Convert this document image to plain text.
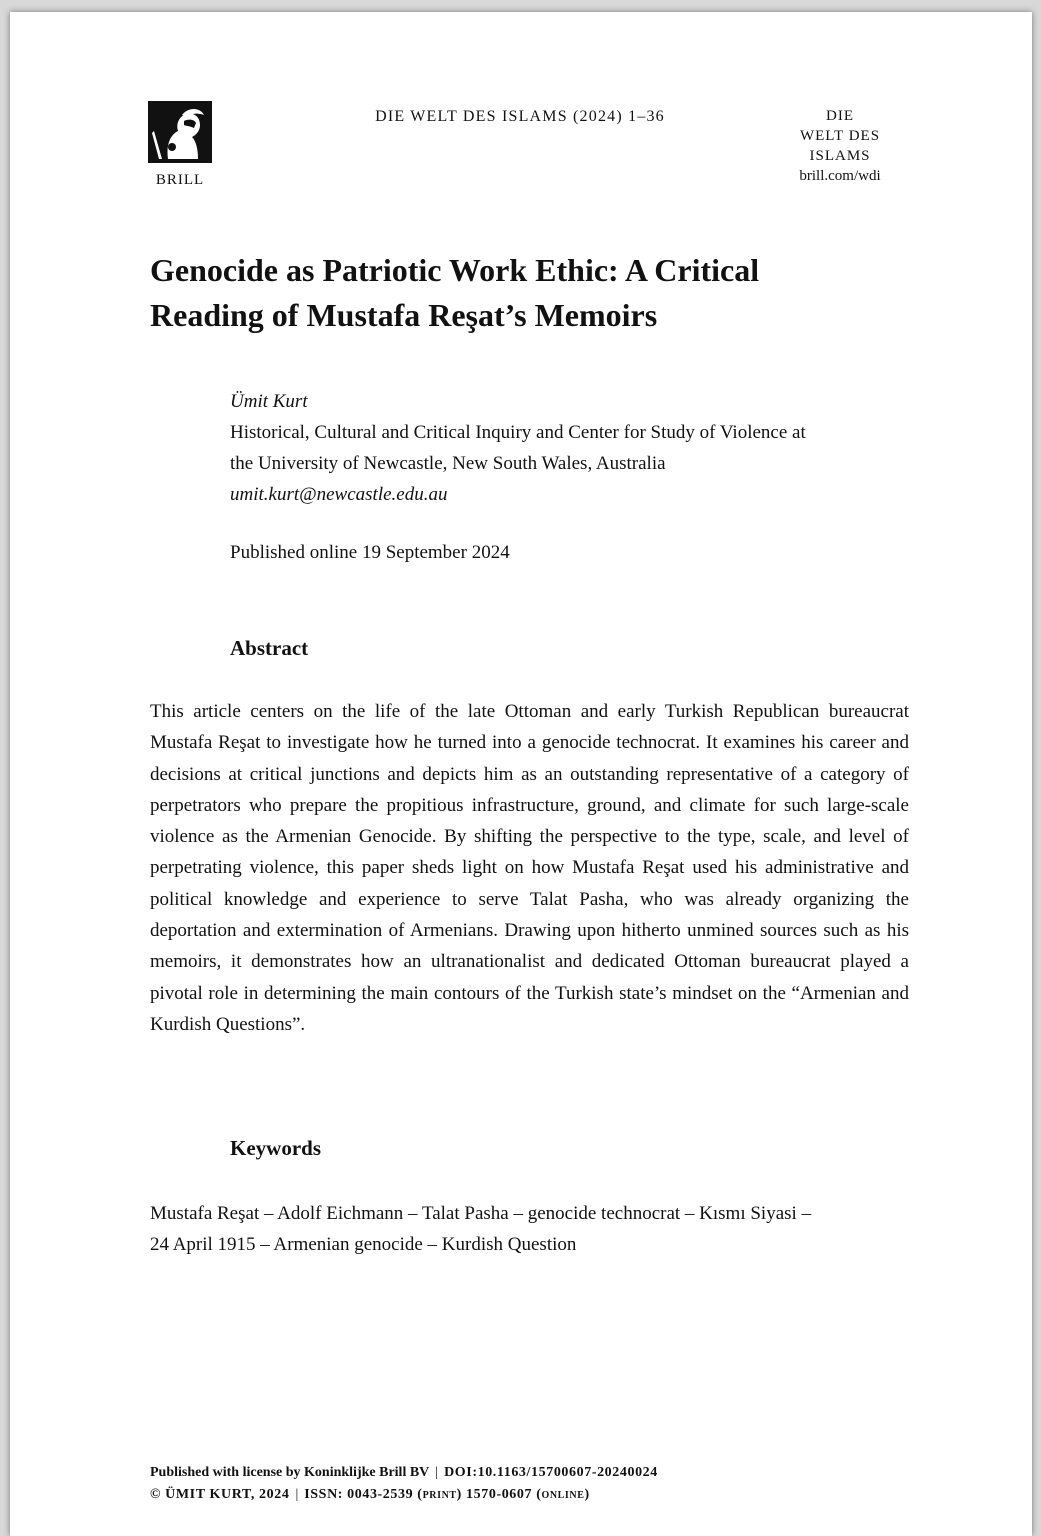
BRILL
DIE WELT DES ISLAMS (2024) 1–36	DIE
WELT DES
ISLAMS
brill.com/wdi
Genocide as Patriotic Work Ethic: A Critical
Reading of Mustafa Reşat’s Memoirs
Ümit Kurt
Historical, Cultural and Critical Inquiry and Center for Study of Violence at
the University of Newcastle, New South Wales, Australia
umit.kurt@newcastle.edu.au
Published online 19 September 2024
Abstract

This article centers on the life of the late Ottoman and early Turkish Republican bureaucrat Mustafa Reşat to investigate how he turned into a genocide technocrat. It examines his career and decisions at critical junctions and depicts him as an outstanding representative of a category of perpetrators who prepare the propitious infrastructure, ground, and climate for such large-scale violence as the Armenian Genocide. By shifting the perspective to the type, scale, and level of perpetrating violence, this paper sheds light on how Mustafa Reşat used his administrative and political knowledge and experience to serve Talat Pasha, who was already organizing the deportation and extermination of Armenians. Drawing upon hitherto unmined sources such as his memoirs, it demonstrates how an ultranationalist and dedicated Ottoman bureaucrat played a pivotal role in determining the main contours of the Turkish state’s mindset on the “Armenian and Kurdish Questions”.

Keywords
Mustafa Reşat – Adolf Eichmann – Talat Pasha – genocide technocrat – Kısmı Siyasi –
24 April 1915 – Armenian genocide – Kurdish Question
Published with license by Koninklijke Brill BV | DOI:10.1163/15700607-20240024
© ÜMIT KURT, 2024 | ISSN: 0043-2539 (print) 1570-0607 (online)
